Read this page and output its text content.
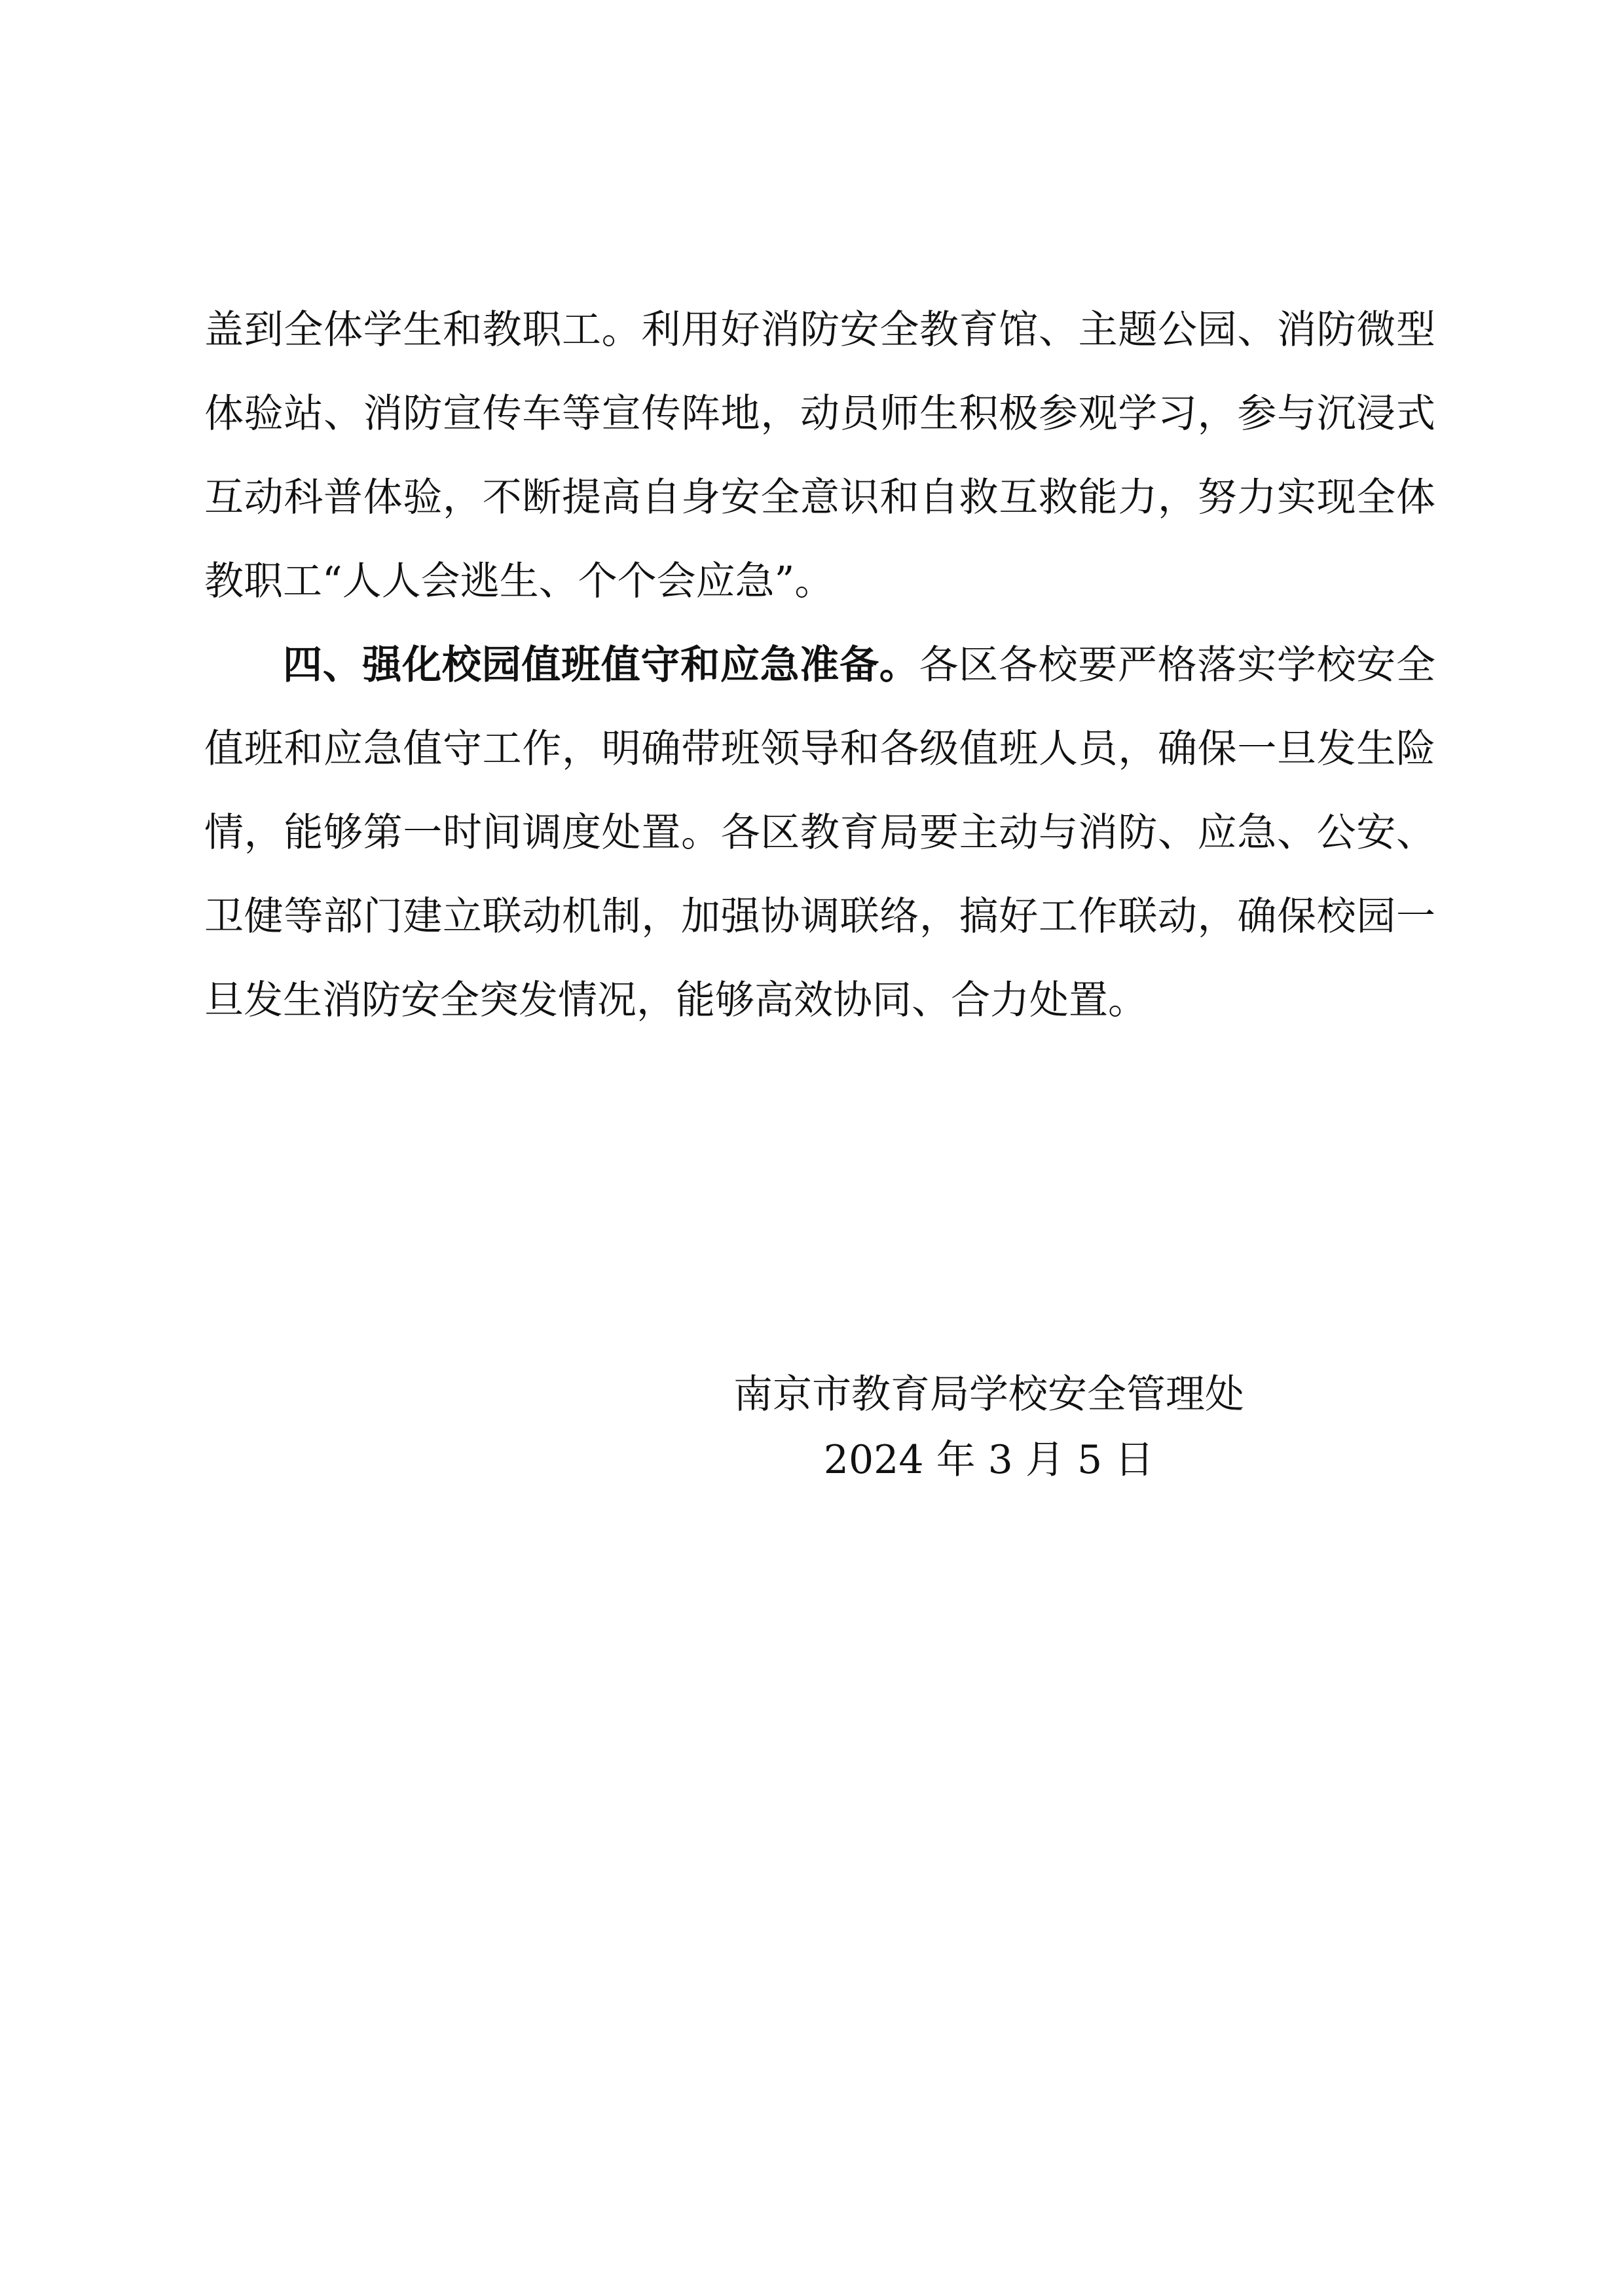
盖到全体学生和教职工。利用好消防安全教育馆、主题公园、消防微型体验站、消防宣传车等宣传阵地，动员师生积极参观学习，参与沉浸式互动科普体验，不断提高自身安全意识和自救互救能力，努力实现全体教职工“人人会逃生、个个会应急”。

四、强化校园值班值守和应急准备。各区各校要严格落实学校安全值班和应急值守工作，明确带班领导和各级值班人员，确保一旦发生险情，能够第一时间调度处置。各区教育局要主动与消防、应急、公安、卫健等部门建立联动机制，加强协调联络，搞好工作联动，确保校园一旦发生消防安全突发情况，能够高效协同、合力处置。

南京市教育局学校安全管理处
2024 年 3 月 5 日
